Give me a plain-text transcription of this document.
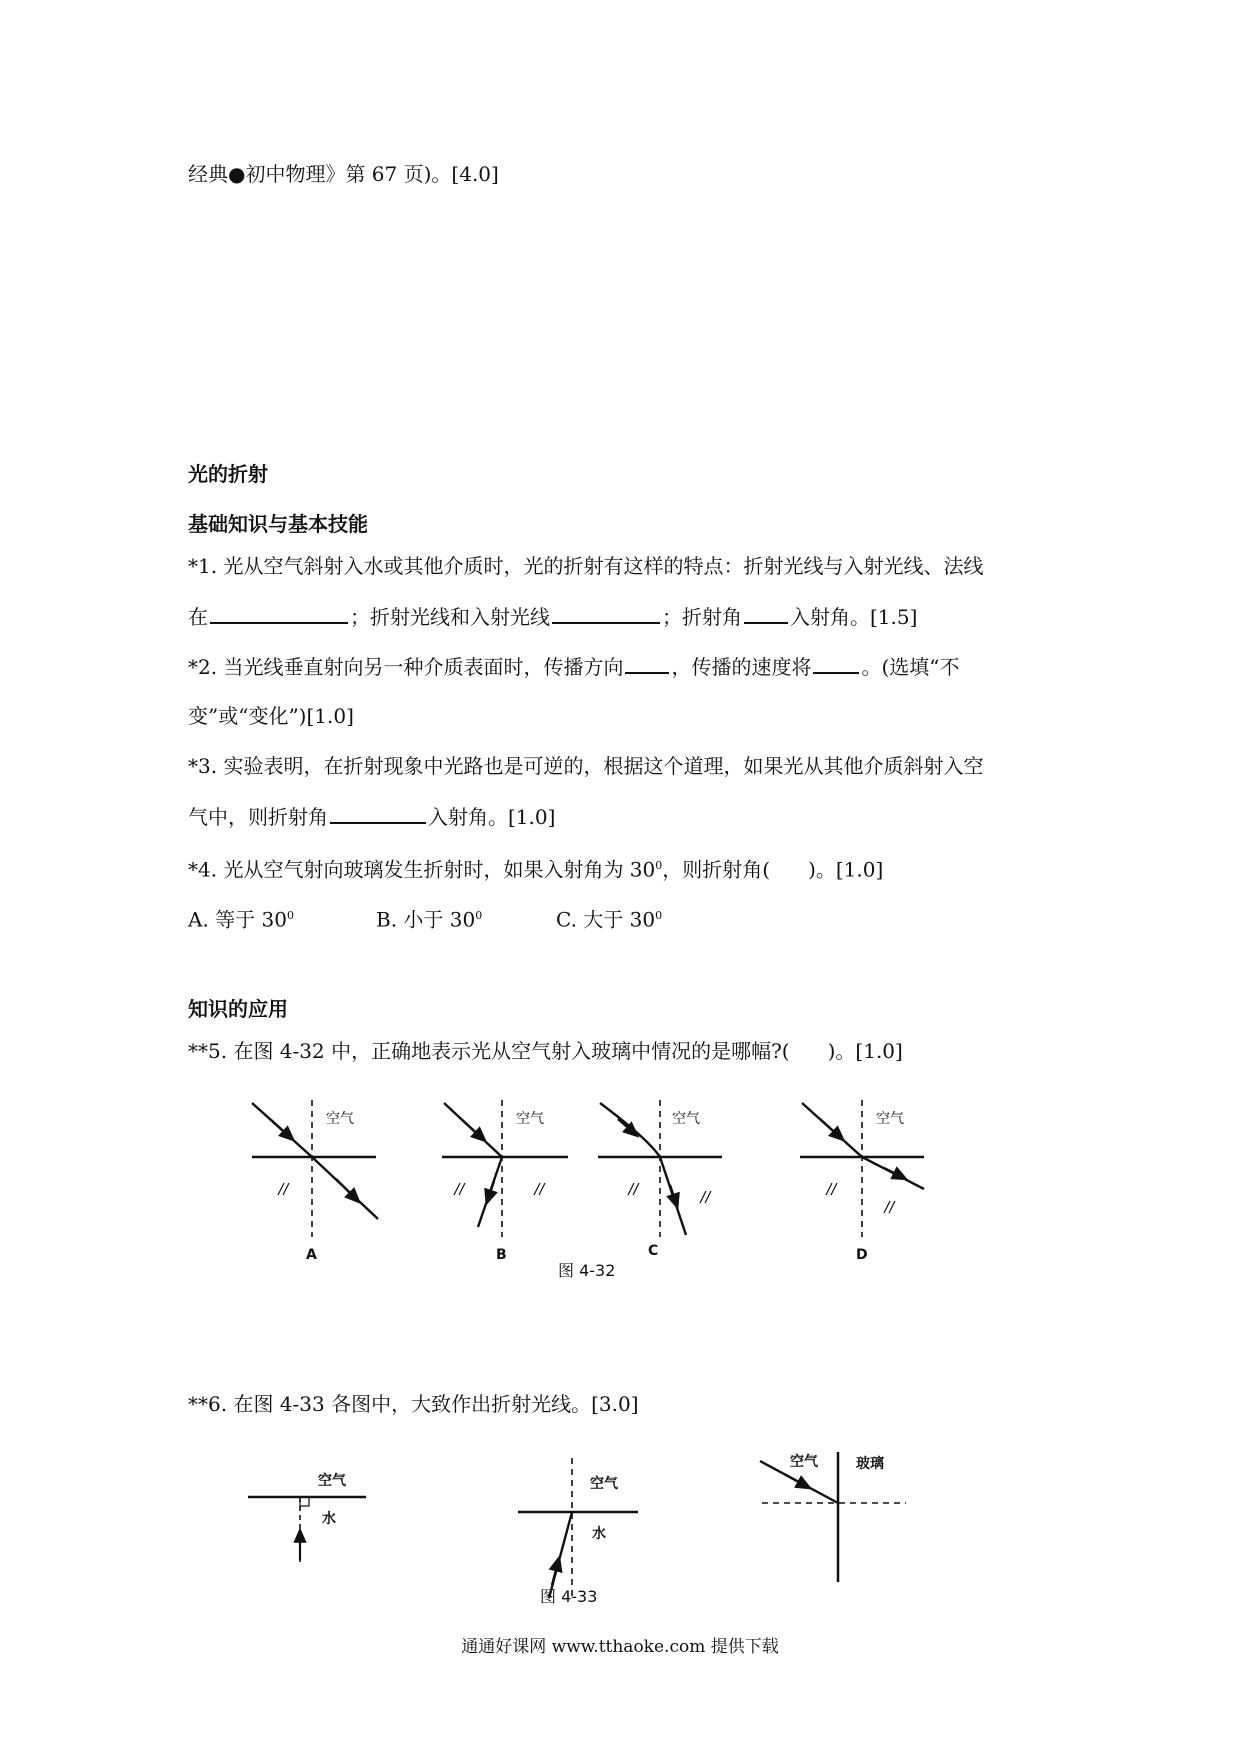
经典●初中物理》第 67 页)。[4.0]
光的折射
基础知识与基本技能
*1. 光从空气斜射入水或其他介质时，光的折射有这样的特点：折射光线与入射光线、法线
在	；折射光线和入射光线	；折射角 入射角。[1.5]
*2. 当光线垂直射向另一种介质表面时，传播方向 ，传播的速度将	。(选填“不
变”或“变化”)[1.0]
*3. 实验表明，在折射现象中光路也是可逆的，根据这个道理，如果光从其他介质斜射入空
气中，则折射角	入射角。[1.0]
*4. 光从空气射向玻璃发生折射时，如果入射角为 $30^0$，则折射角( )。[1.0]
A. 等于 $30^0$	B. 小于 $30^0$	C. 大于 $30^0$
知识的应用
**5. 在图 4-32 中，正确地表示光从空气射入玻璃中情况的是哪幅?( )。[1.0]
空气
A
空气
B
空气
C
空气
D
图 4-32
**6. 在图 4-33 各图中，大致作出折射光线。[3.0]
空气
水
空气
水
空气	玻璃
图 4-33
通通好课网 www.tthaoke.com 提供下载
